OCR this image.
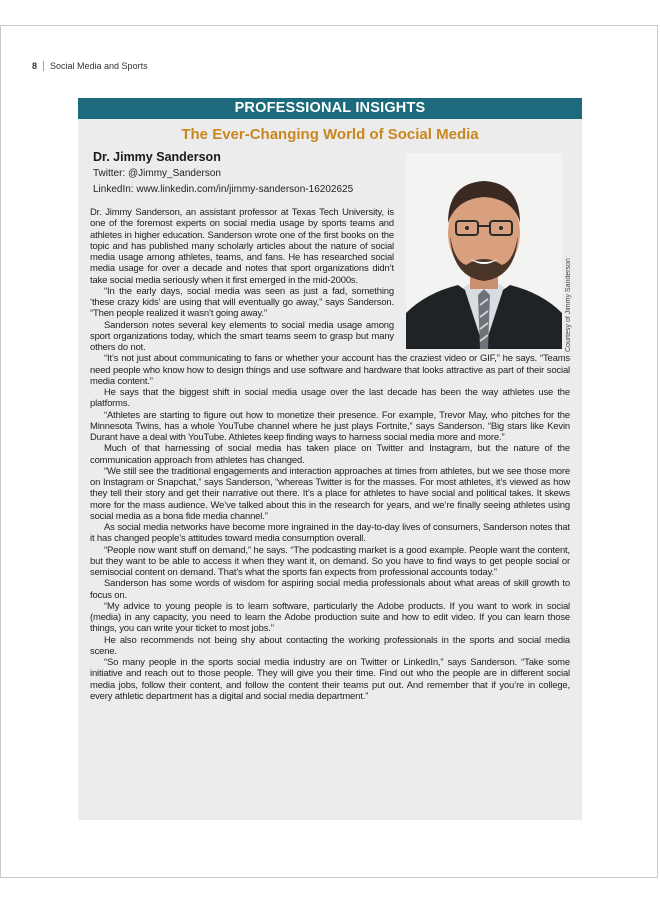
8 Social Media and Sports
PROFESSIONAL INSIGHTS
The Ever-Changing World of Social Media
Dr. Jimmy Sanderson
Twitter: @Jimmy_Sanderson
LinkedIn: www.linkedin.com/in/jimmy-sanderson-16202625
Courtesy of Jimmy Sanderson

Dr. Jimmy Sanderson, an assistant professor at Texas Tech University, is one of the foremost experts on social media usage by sports teams and athletes in higher education. Sanderson wrote one of the first books on the topic and has published many scholarly articles about the nature of social media usage among athletes, teams, and fans. He has researched social media usage for over a decade and notes that sport organizations didn’t take social media seriously when it first emerged in the mid-2000s.

“In the early days, social media was seen as just a fad, something ‘these crazy kids’ are using that will eventually go away,” says Sanderson. “Then people realized it wasn’t going away.”

Sanderson notes several key elements to social media usage among sport organizations today, which the smart teams seem to grasp but many others do not.

“It’s not just about communicating to fans or whether your account has the craziest video or GIF,” he says. “Teams need people who know how to design things and use software and hardware that looks attractive as part of their social media content.”

He says that the biggest shift in social media usage over the last decade has been the way athletes use the platforms.

“Athletes are starting to figure out how to monetize their presence. For example, Trevor May, who pitches for the Minnesota Twins, has a whole YouTube channel where he just plays Fortnite,” says Sanderson. “Big stars like Kevin Durant have a deal with YouTube. Athletes keep finding ways to harness social media more and more.”

Much of that harnessing of social media has taken place on Twitter and Instagram, but the nature of the communication approach from athletes has changed.

“We still see the traditional engagements and interaction approaches at times from athletes, but we see those more on Instagram or Snapchat,” says Sanderson, “whereas Twitter is for the masses. For most athletes, it’s viewed as how they tell their story and get their narrative out there. It’s a place for athletes to have social and political takes. It skews more for the mass audience. We’ve talked about this in the research for years, and we’re finally seeing athletes using social media as a bona fide media channel.”

As social media networks have become more ingrained in the day-to-day lives of consumers, Sanderson notes that it has changed people’s attitudes toward media consumption overall.

“People now want stuff on demand,” he says. “The podcasting market is a good example. People want the content, but they want to be able to access it when they want it, on demand. So you have to find ways to get people social or semisocial content on demand. That’s what the sports fan expects from professional accounts today.”

Sanderson has some words of wisdom for aspiring social media professionals about what areas of skill growth to focus on.

“My advice to young people is to learn software, particularly the Adobe products. If you want to work in social (media) in any capacity, you need to learn the Adobe production suite and how to edit video. If you can learn those things, you can write your ticket to most jobs.”

He also recommends not being shy about contacting the working professionals in the sports and social media scene.

“So many people in the sports social media industry are on Twitter or LinkedIn,” says Sanderson. “Take some initiative and reach out to those people. They will give you their time. Find out who the people are in different social media jobs, follow their content, and follow the content their teams put out. And remember that if you’re in college, every athletic department has a digital and social media department.”
